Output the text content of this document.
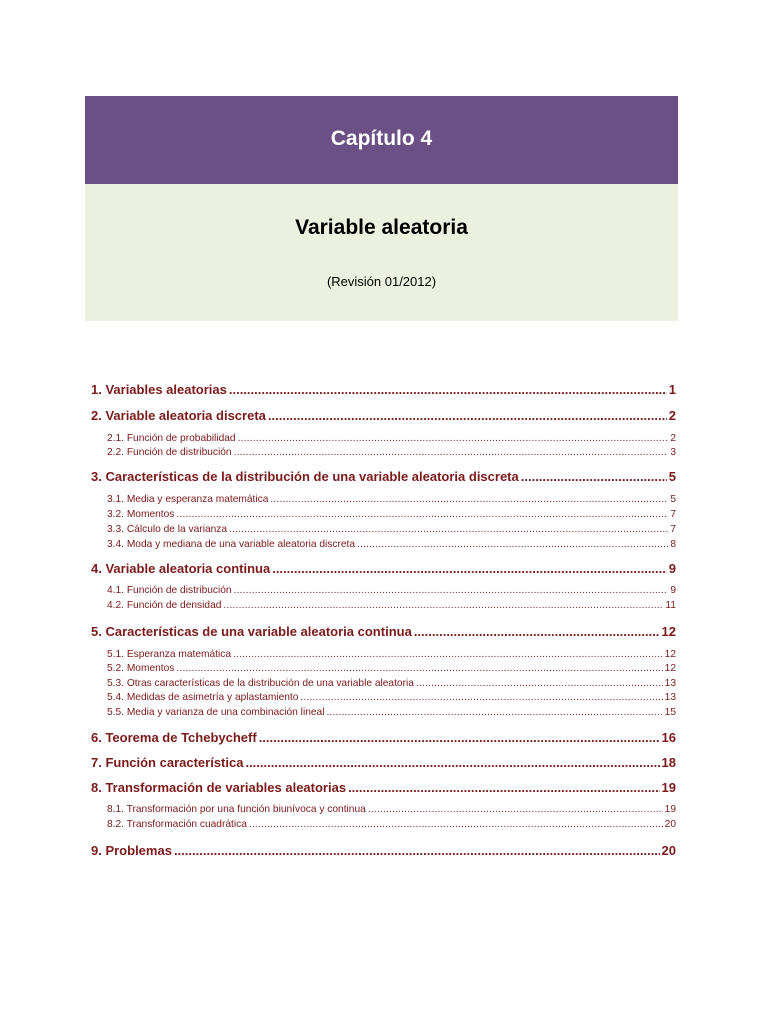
Capítulo 4
Variable aleatoria
(Revisión 01/2012)
1. Variables aleatorias .....	1
2. Variable aleatoria discreta .....	2
2.1. Función de probabilidad .....	2
2.2. Función de distribución .....	3
3. Características de la distribución de una variable aleatoria discreta .....	5
3.1. Media y esperanza matemática .....	5
3.2. Momentos .....	7
3.3. Cálculo de la varianza .....	7
3.4. Moda y mediana de una variable aleatoria discreta .....	8
4. Variable aleatoria continua .....	9
4.1. Función de distribución .....	9
4.2. Función de densidad .....	11
5. Características de una variable aleatoria continua .....	12
5.1. Esperanza matemática .....	12
5.2. Momentos .....	12
5.3. Otras características de la distribución de una variable aleatoria .....	13
5.4. Medidas de asimetría y aplastamiento .....	13
5.5. Media y varianza de una combinación lineal .....	15
6. Teorema de Tchebycheff .....	16
7. Función característica .....	18
8. Transformación de variables aleatorias .....	19
8.1. Transformación por una función biunívoca y continua .....	19
8.2. Transformación cuadrática .....	20
9. Problemas .....	20
